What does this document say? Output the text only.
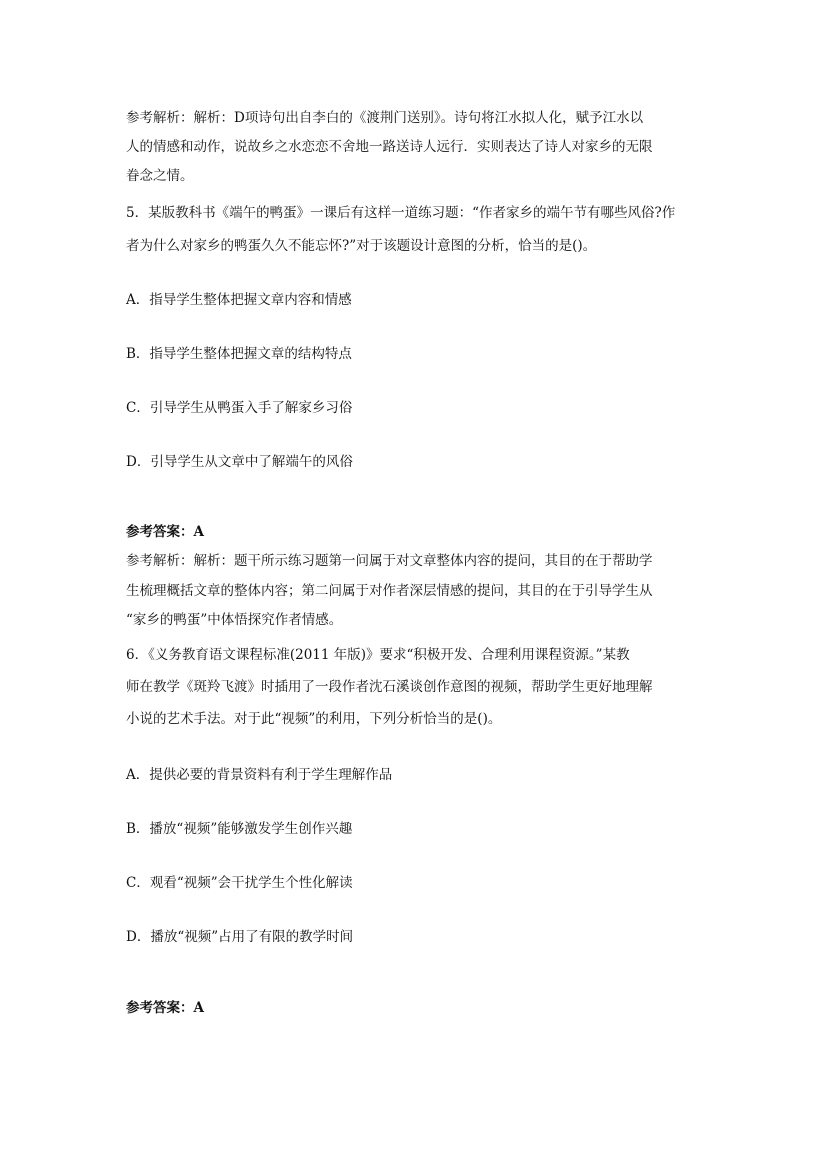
参考解析：解析：D项诗句出自李白的《渡荆门送别》。诗句将江水拟人化，赋予江水以
人的情感和动作，说故乡之水恋恋不舍地一路送诗人远行．实则表达了诗人对家乡的无限
眷念之情。
5．某版教科书《端午的鸭蛋》一课后有这样一道练习题：“作者家乡的端午节有哪些风俗?作
者为什么对家乡的鸭蛋久久不能忘怀?”对于该题设计意图的分析，恰当的是()。
A．指导学生整体把握文章内容和情感
B．指导学生整体把握文章的结构特点
C．引导学生从鸭蛋入手了解家乡习俗
D．引导学生从文章中了解端午的风俗
参考答案：A
参考解析：解析：题干所示练习题第一问属于对文章整体内容的提问，其目的在于帮助学
生梳理概括文章的整体内容；第二问属于对作者深层情感的提问，其目的在于引导学生从
“家乡的鸭蛋”中体悟探究作者情感。
6．《义务教育语文课程标准(2011 年版)》要求“积极开发、合理利用课程资源。”某教
师在教学《斑羚飞渡》时插用了一段作者沈石溪谈创作意图的视频，帮助学生更好地理解
小说的艺术手法。对于此“视频”的利用，下列分析恰当的是()。
A．提供必要的背景资料有利于学生理解作品
B．播放“视频”能够激发学生创作兴趣
C．观看“视频”会干扰学生个性化解读
D．播放“视频”占用了有限的教学时间
参考答案：A
